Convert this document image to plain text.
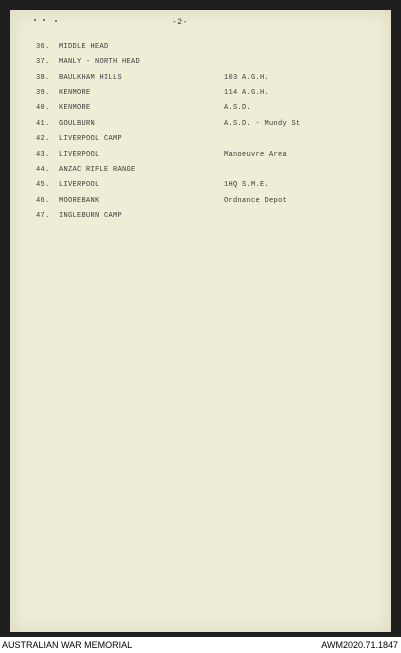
-2-
36. MIDDLE HEAD
37. MANLY - NORTH HEAD
38. BAULKHAM HILLS	103 A.G.H.
39. KENMORE	114 A.G.H.
40. KENMORE	A.S.D.
41. GOULBURN	A.S.D. - Mundy St
42. LIVERPOOL CAMP
43. LIVERPOOL	Manoeuvre Area
44. ANZAC RIFLE RANGE
45. LIVERPOOL	1HQ S.M.E.
46. MOOREBANK	Ordnance Depot
47. INGLEBURN CAMP
AUSTRALIAN WAR MEMORIAL	AWM2020.71.1847
